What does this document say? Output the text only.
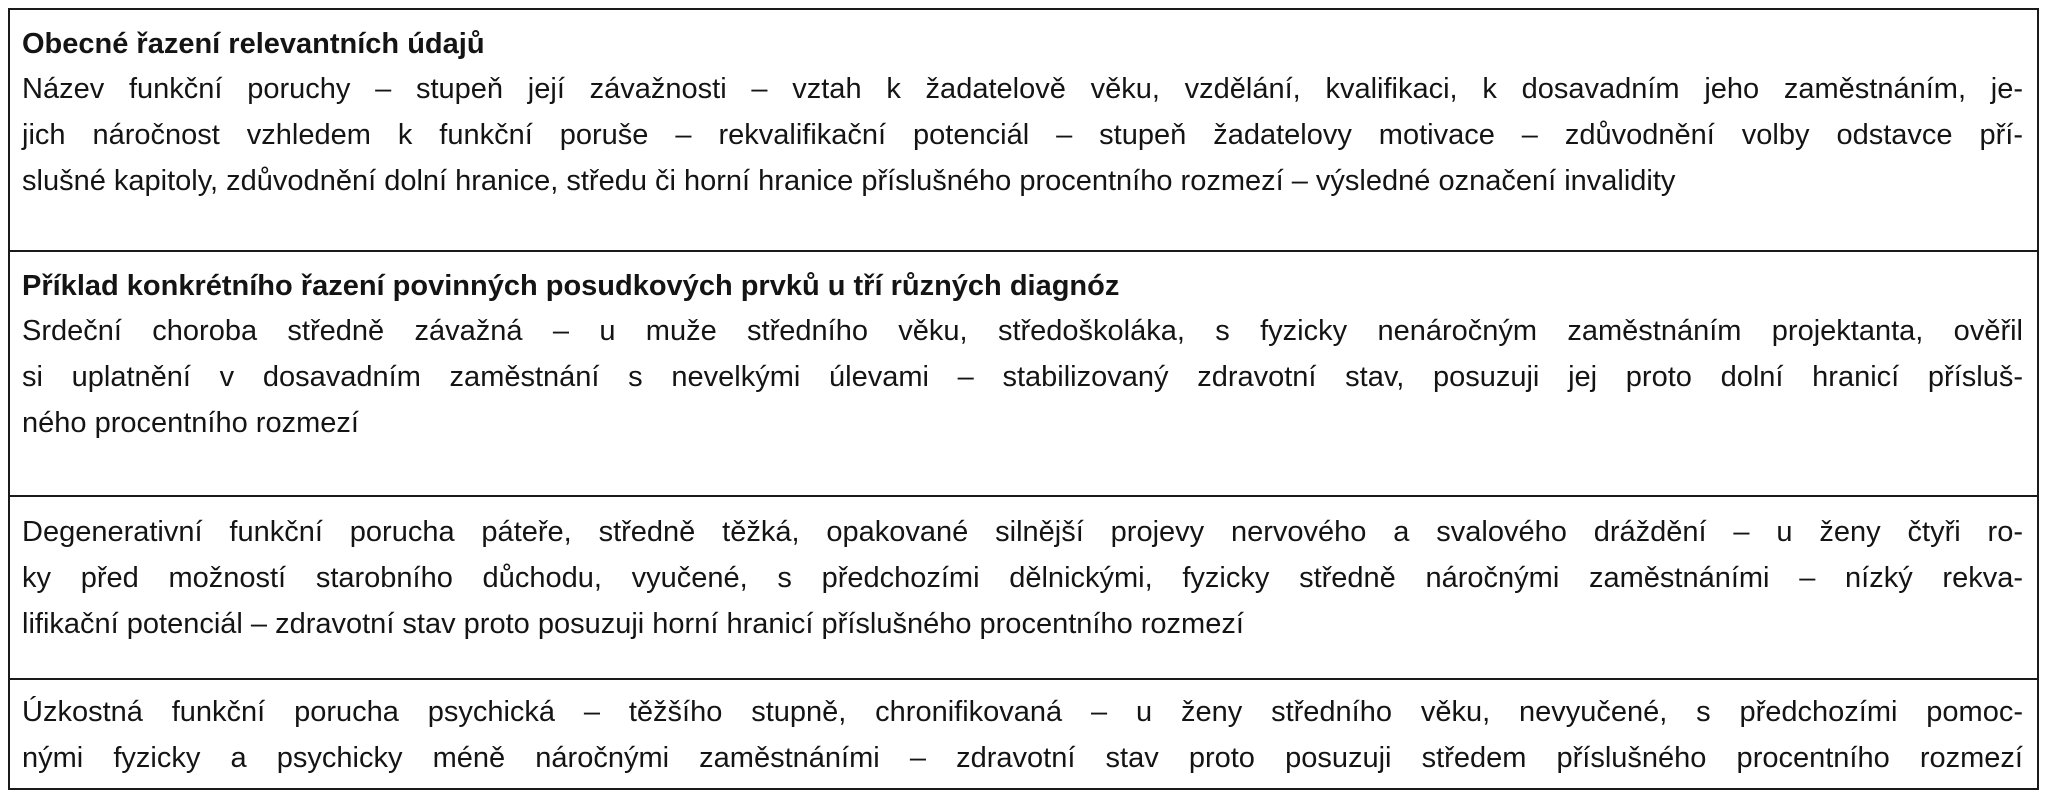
Obecné řazení relevantních údajů
Název funkční poruchy – stupeň její závažnosti – vztah k žadatelově věku, vzdělání, kvalifikaci, k dosavadním jeho zaměstnáním, je-
jich náročnost vzhledem k funkční poruše – rekvalifikační potenciál – stupeň žadatelovy motivace – zdůvodnění volby odstavce pří-
slušné kapitoly, zdůvodnění dolní hranice, středu či horní hranice příslušného procentního rozmezí – výsledné označení invalidity
Příklad konkrétního řazení povinných posudkových prvků u tří různých diagnóz
Srdeční choroba středně závažná – u muže středního věku, středoškoláka, s fyzicky nenáročným zaměstnáním projektanta, ověřil
si uplatnění v dosavadním zaměstnání s nevelkými úlevami – stabilizovaný zdravotní stav, posuzuji jej proto dolní hranicí přísluš-
ného procentního rozmezí
Degenerativní funkční porucha páteře, středně těžká, opakované silnější projevy nervového a svalového dráždění – u ženy čtyři ro-
ky před možností starobního důchodu, vyučené, s předchozími dělnickými, fyzicky středně náročnými zaměstnáními – nízký rekva-
lifikační potenciál – zdravotní stav proto posuzuji horní hranicí příslušného procentního rozmezí
Úzkostná funkční porucha psychická – těžšího stupně, chronifikovaná – u ženy středního věku, nevyučené, s předchozími pomoc-
nými fyzicky a psychicky méně náročnými zaměstnáními – zdravotní stav proto posuzuji středem příslušného procentního rozmezí
